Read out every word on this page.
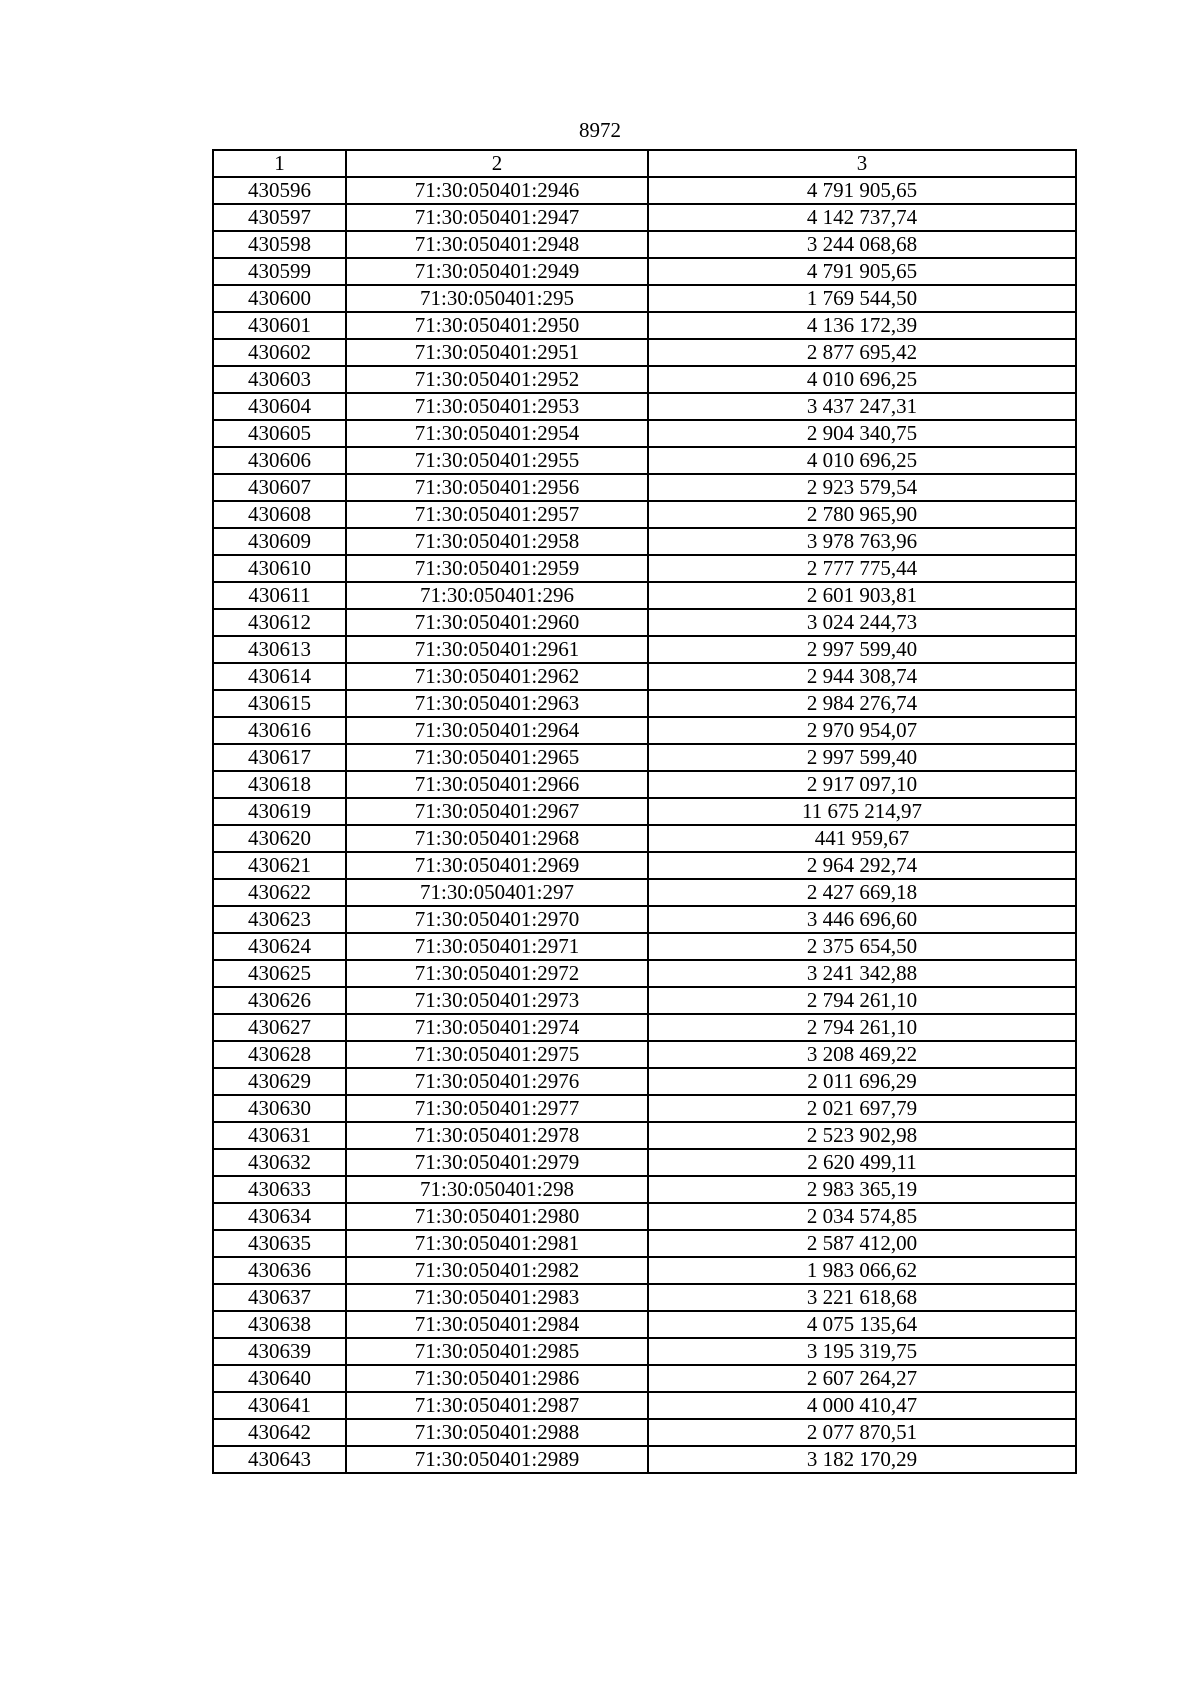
8972
1	2	3
430596	71:30:050401:2946	4 791 905,65
430597	71:30:050401:2947	4 142 737,74
430598	71:30:050401:2948	3 244 068,68
430599	71:30:050401:2949	4 791 905,65
430600	71:30:050401:295	1 769 544,50
430601	71:30:050401:2950	4 136 172,39
430602	71:30:050401:2951	2 877 695,42
430603	71:30:050401:2952	4 010 696,25
430604	71:30:050401:2953	3 437 247,31
430605	71:30:050401:2954	2 904 340,75
430606	71:30:050401:2955	4 010 696,25
430607	71:30:050401:2956	2 923 579,54
430608	71:30:050401:2957	2 780 965,90
430609	71:30:050401:2958	3 978 763,96
430610	71:30:050401:2959	2 777 775,44
430611	71:30:050401:296	2 601 903,81
430612	71:30:050401:2960	3 024 244,73
430613	71:30:050401:2961	2 997 599,40
430614	71:30:050401:2962	2 944 308,74
430615	71:30:050401:2963	2 984 276,74
430616	71:30:050401:2964	2 970 954,07
430617	71:30:050401:2965	2 997 599,40
430618	71:30:050401:2966	2 917 097,10
430619	71:30:050401:2967	11 675 214,97
430620	71:30:050401:2968	441 959,67
430621	71:30:050401:2969	2 964 292,74
430622	71:30:050401:297	2 427 669,18
430623	71:30:050401:2970	3 446 696,60
430624	71:30:050401:2971	2 375 654,50
430625	71:30:050401:2972	3 241 342,88
430626	71:30:050401:2973	2 794 261,10
430627	71:30:050401:2974	2 794 261,10
430628	71:30:050401:2975	3 208 469,22
430629	71:30:050401:2976	2 011 696,29
430630	71:30:050401:2977	2 021 697,79
430631	71:30:050401:2978	2 523 902,98
430632	71:30:050401:2979	2 620 499,11
430633	71:30:050401:298	2 983 365,19
430634	71:30:050401:2980	2 034 574,85
430635	71:30:050401:2981	2 587 412,00
430636	71:30:050401:2982	1 983 066,62
430637	71:30:050401:2983	3 221 618,68
430638	71:30:050401:2984	4 075 135,64
430639	71:30:050401:2985	3 195 319,75
430640	71:30:050401:2986	2 607 264,27
430641	71:30:050401:2987	4 000 410,47
430642	71:30:050401:2988	2 077 870,51
430643	71:30:050401:2989	3 182 170,29
